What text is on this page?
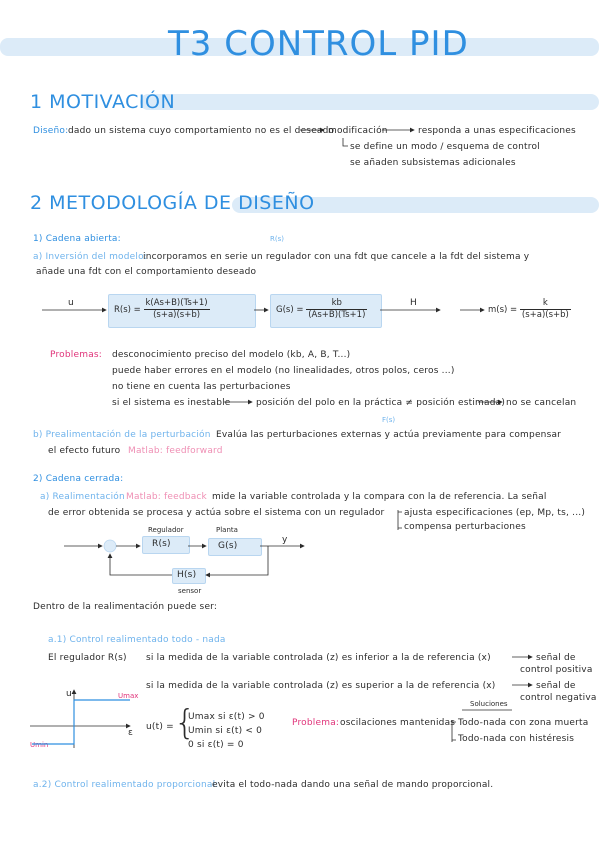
T3 CONTROL PID
1 MOTIVACIÓN
Diseño: dado un sistema cuyo comportamiento no es el deseado
modificación	responda a unas especificaciones
se define un modo / esquema de control
se añaden subsistemas adicionales
2 METODOLOGÍA DE DISEÑO
1) Cadena abierta:	R(s)
a) Inversión del modelo:
incorporamos en serie un regulador con una fdt que cancele a la fdt del sistema y
añade una fdt con el comportamiento deseado
u
$R(s) = \frac{k(As+B)(Ts+1)}{(s+a)(s+b)}$	$G(s) = \frac{kb}{(As+B)(Ts+1)}$	H
$m(s) = \frac{k}{(s+a)(s+b)}$
Problemas: desconocimiento preciso del modelo (kb, A, B, T...)
puede haber errores en el modelo (no linealidades, otros polos, ceros ...)
no tiene en cuenta las perturbaciones
si el sistema es inestable	posición del polo en la práctica ≠ posición estimada) no se cancelan
F(s)
b) Prealimentación de la perturbación Evalúa las perturbaciones externas y actúa previamente para compensar
el efecto futuro Matlab: feedforward
2) Cadena cerrada:
a) Realimentación Matlab: feedback mide la variable controlada y la compara con la de referencia. La señal
de error obtenida se procesa y actúa sobre el sistema con un regulador ajusta especificaciones (ep, Mp, ts, ...)
compensa perturbaciones
Regulador	Planta
R(s)	G(s)
y
H(s)
sensor
Dentro de la realimentación puede ser:
a.1) Control realimentado todo - nada
El regulador R(s) si la medida de la variable controlada (z) es inferior a la de referencia (x)	señal de
control positiva
si la medida de la variable controlada (z) es superior a la de referencia (x)	señal de
control negativa
u	Umax
Umin
ε
u(t) = {
Umax si ε(t) > 0
Umin si ε(t) < 0
0 si ε(t) = 0
Problema: oscilaciones mantenidas
Soluciones
Todo-nada con zona muerta
Todo-nada con histéresis
a.2) Control realimentado proporcional:
evita el todo-nada dando una señal de mando proporcional.
